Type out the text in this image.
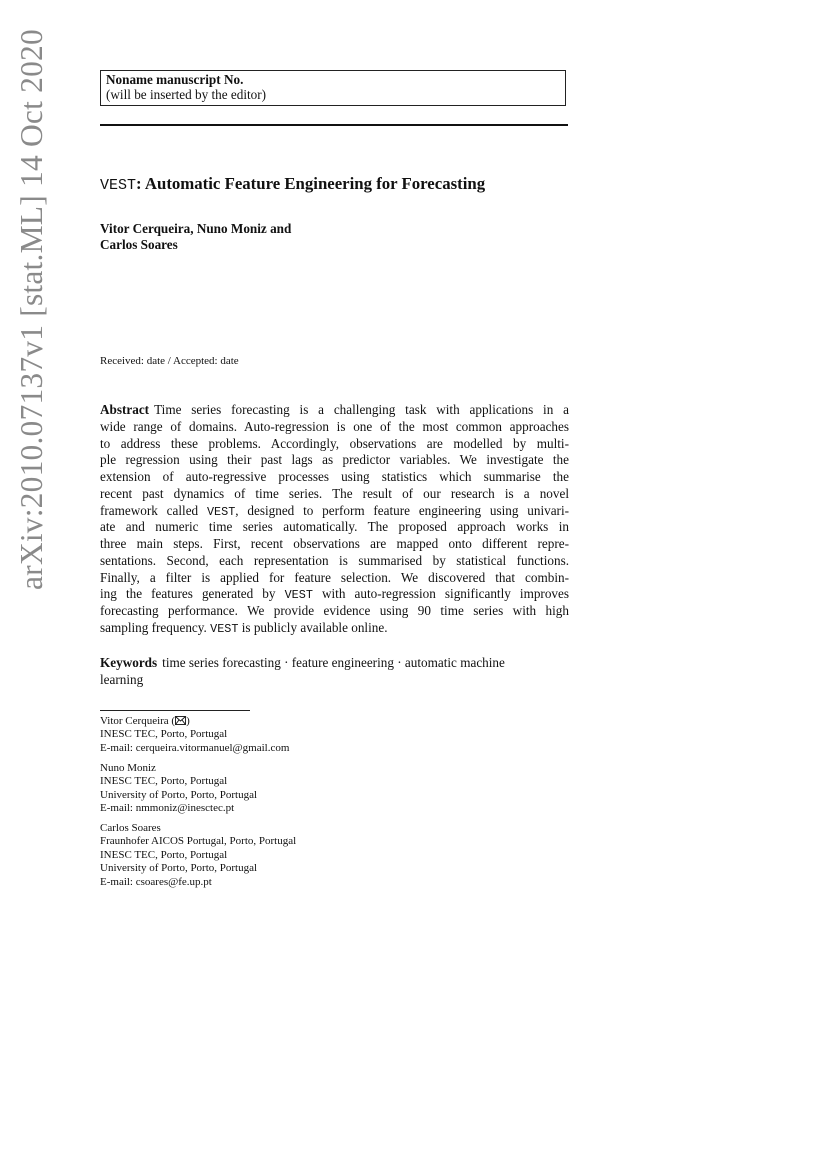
arXiv:2010.07137v1 [stat.ML] 14 Oct 2020	Noname manuscript No.
(will be inserted by the editor)
VEST: Automatic Feature Engineering for Forecasting
Vitor Cerqueira, Nuno Moniz and
Carlos Soares
Received: date / Accepted: date
Abstract Time series forecasting is a challenging task with applications in a
wide range of domains. Auto-regression is one of the most common approaches
to address these problems. Accordingly, observations are modelled by multi-
ple regression using their past lags as predictor variables. We investigate the
extension of auto-regressive processes using statistics which summarise the
recent past dynamics of time series. The result of our research is a novel
framework called VEST, designed to perform feature engineering using univari-
ate and numeric time series automatically. The proposed approach works in
three main steps. First, recent observations are mapped onto different repre-
sentations. Second, each representation is summarised by statistical functions.
Finally, a filter is applied for feature selection. We discovered that combin-
ing the features generated by VEST with auto-regression significantly improves
forecasting performance. We provide evidence using 90 time series with high
sampling frequency. VEST is publicly available online.
Keywords time series forecasting · feature engineering · automatic machine
learning
Vitor Cerqueira ( )
INESC TEC, Porto, Portugal
E-mail: cerqueira.vitormanuel@gmail.com
Nuno Moniz
INESC TEC, Porto, Portugal
University of Porto, Porto, Portugal
E-mail: nmmoniz@inesctec.pt
Carlos Soares
Fraunhofer AICOS Portugal, Porto, Portugal
INESC TEC, Porto, Portugal
University of Porto, Porto, Portugal
E-mail: csoares@fe.up.pt
